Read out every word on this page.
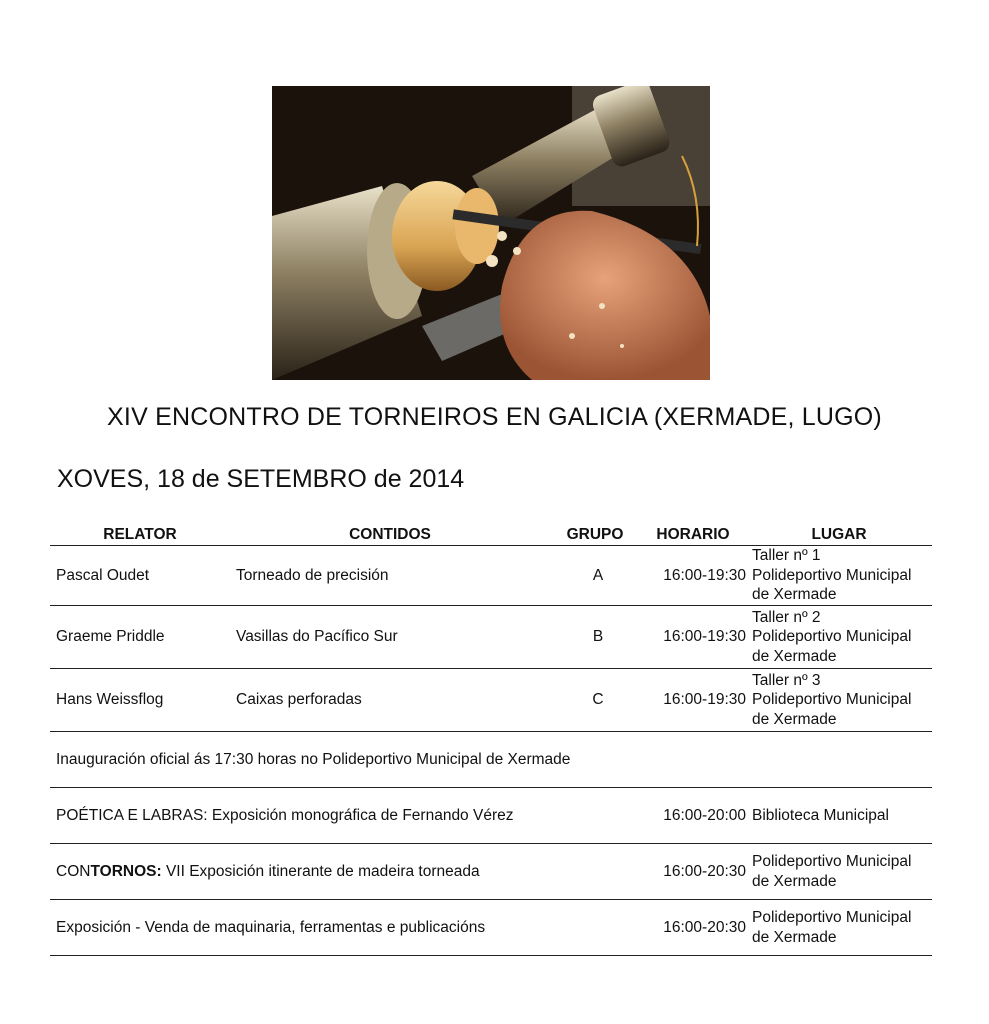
XIV ENCONTRO DE TORNEIROS EN GALICIA (XERMADE, LUGO)
XOVES, 18 de SETEMBRO de 2014
RELATOR	CONTIDOS	GRUPO	HORARIO	LUGAR
Pascal Oudet	Torneado de precisión	A	16:00-19:30	Taller nº 1
Polideportivo Municipal
de Xermade

Graeme Priddle	Vasillas do Pacífico Sur	B	16:00-19:30	Taller nº 2
Polideportivo Municipal
de Xermade

Hans Weissflog	Caixas perforadas	C	16:00-19:30	Taller nº 3
Polideportivo Municipal
de Xermade

Inauguración oficial ás 17:30 horas no Polideportivo Municipal de Xermade				
POÉTICA E LABRAS: Exposición monográfica de Fernando Vérez			16:00-20:00	Biblioteca Municipal

CONTORNOS: VII Exposición itinerante de madeira torneada			16:00-20:30	Polideportivo Municipal
de Xermade

Exposición - Venda de maquinaria, ferramentas e publicacións			16:00-20:30	Polideportivo Municipal
de Xermade
